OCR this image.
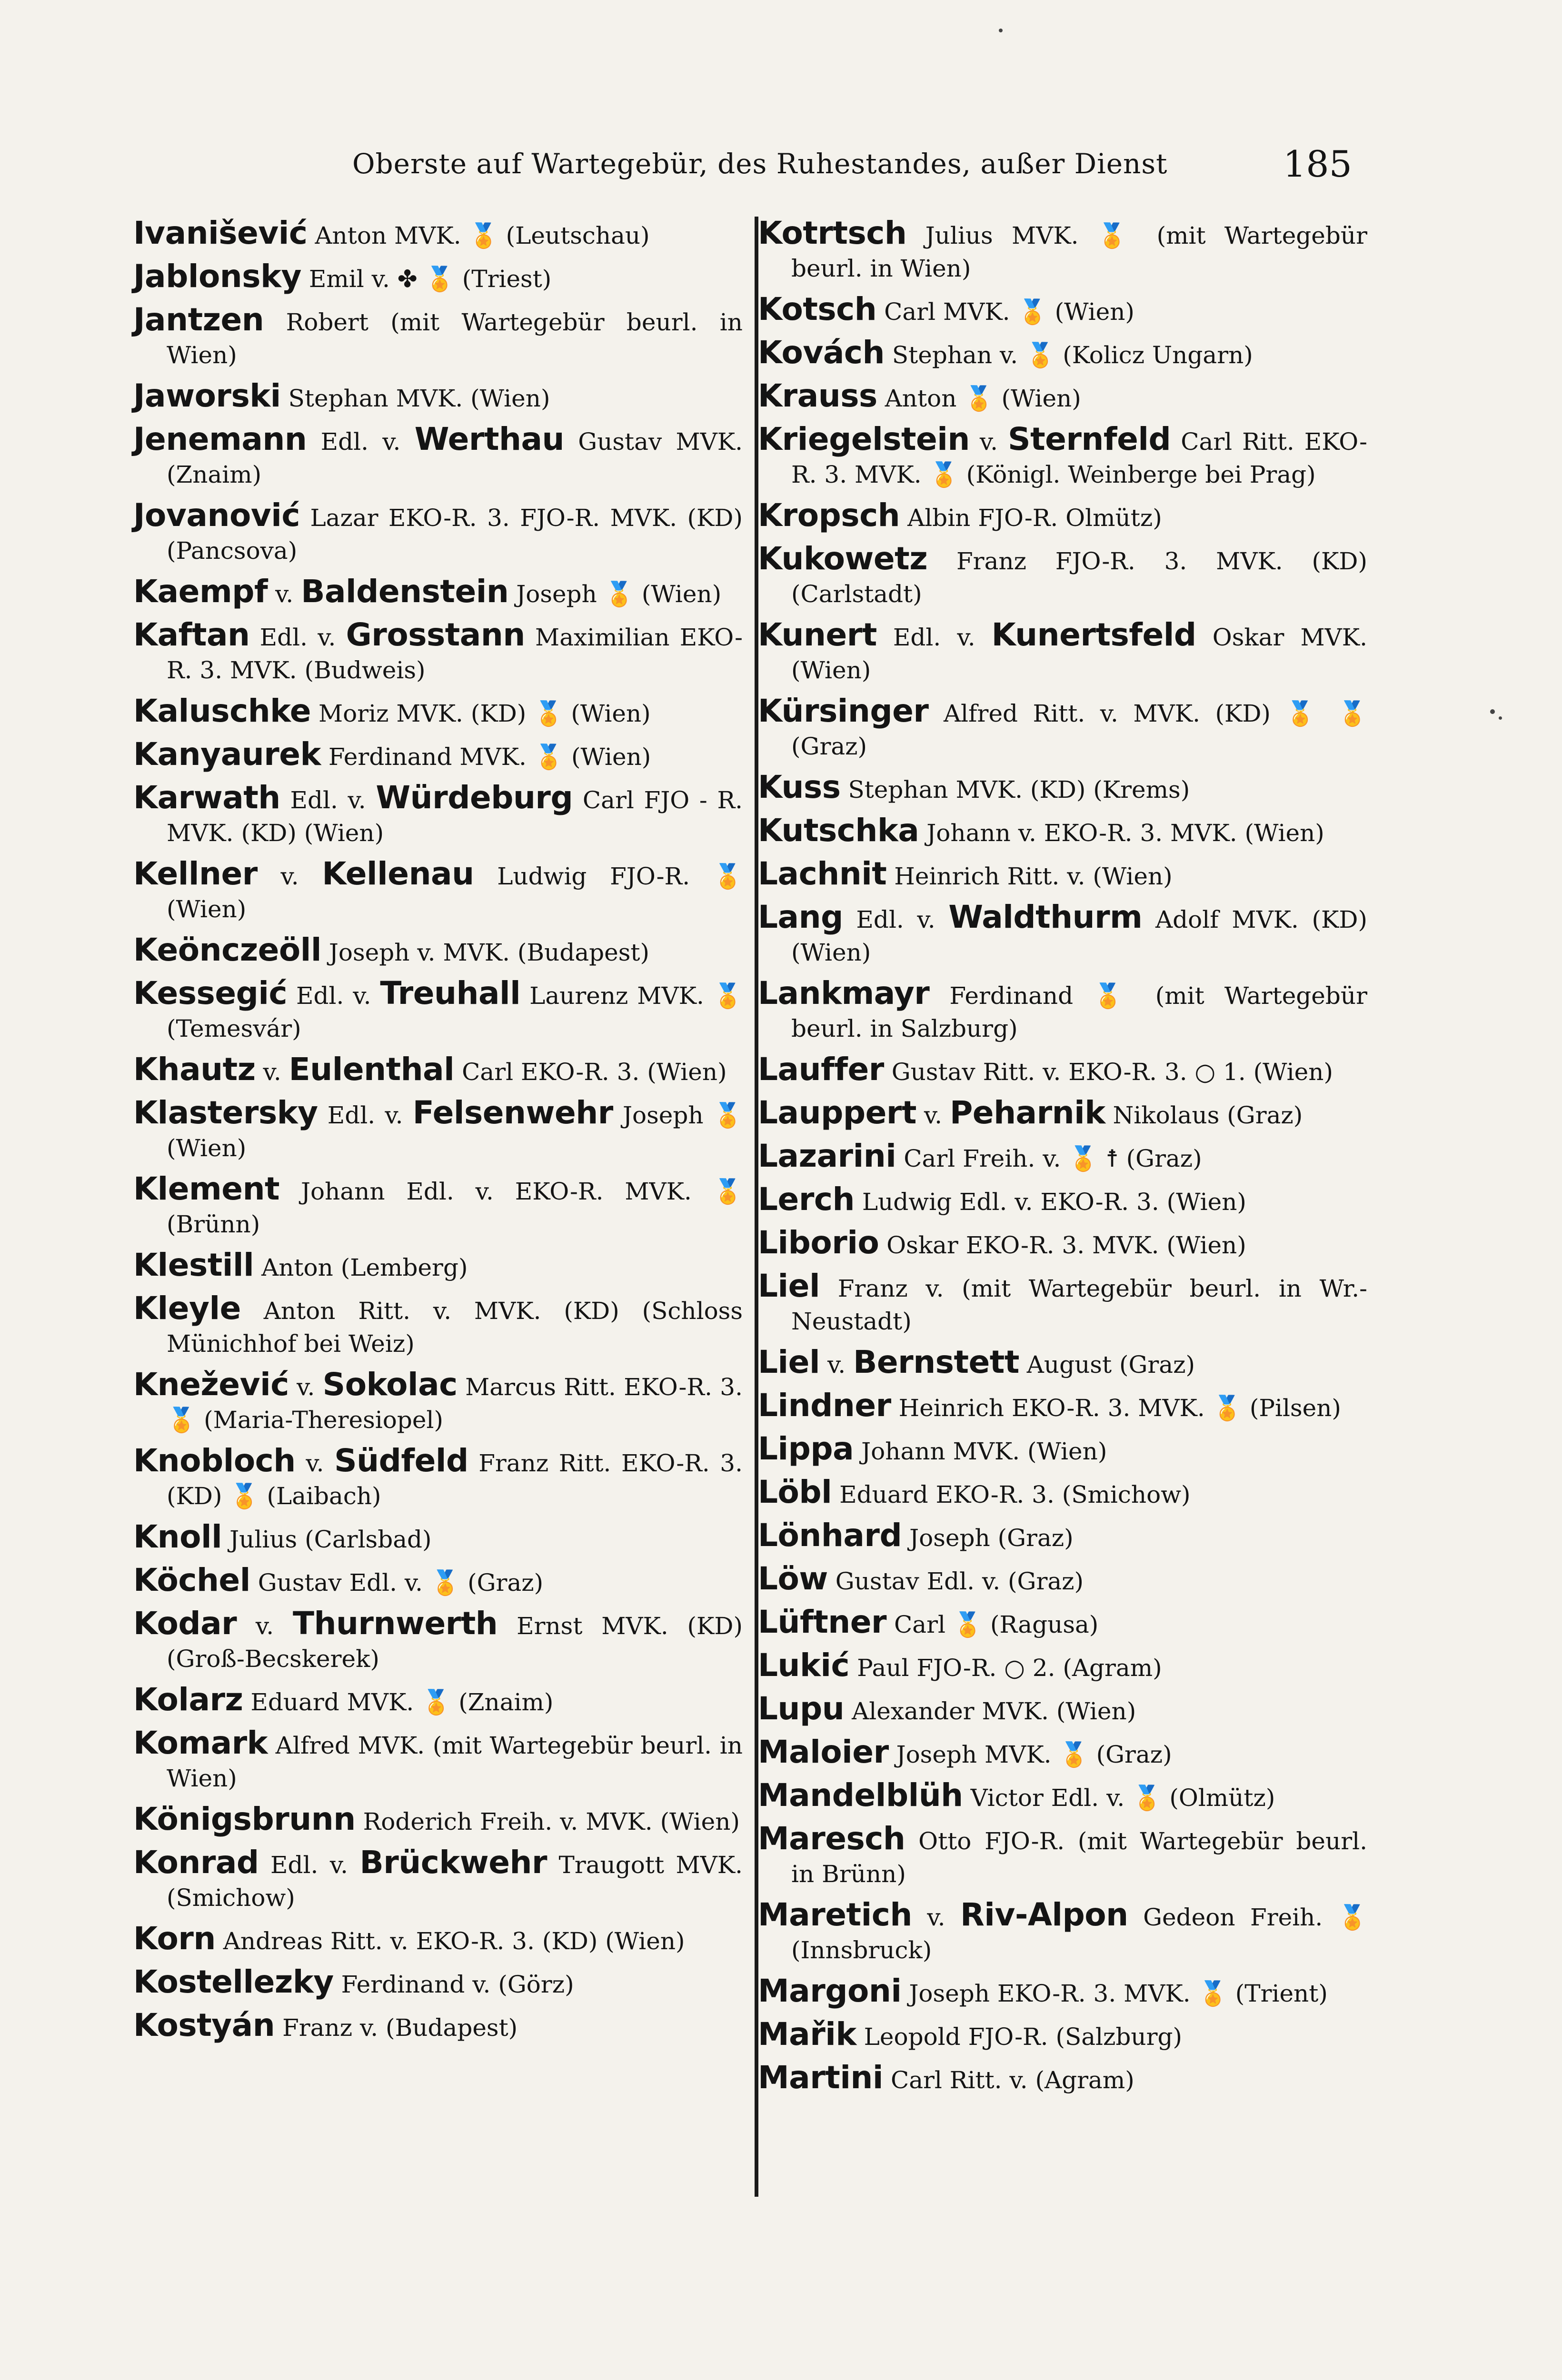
Oberste auf Wartegebür, des Ruhestandes, außer Dienst	185
Ivanišević Anton MVK. 🏅 (Leutschau)
Jablonsky Emil v. ✤ 🏅 (Triest)
Jantzen Robert (mit Wartegebür beurl. in Wien)
Jaworski Stephan MVK. (Wien)
Jenemann Edl. v. Werthau Gustav MVK. (Znaim)
Jovanović Lazar EKO-R. 3. FJO-R. MVK. (KD) (Pancsova)
Kaempf v. Baldenstein Joseph 🏅 (Wien)
Kaftan Edl. v. Grosstann Maximilian EKO-R. 3. MVK. (Budweis)
Kaluschke Moriz MVK. (KD) 🏅 (Wien)
Kanyaurek Ferdinand MVK. 🏅 (Wien)
Karwath Edl. v. Würdeburg Carl FJO - R. MVK. (KD) (Wien)
Kellner v. Kellenau Ludwig FJO-R. 🏅 (Wien)
Keönczeöll Joseph v. MVK. (Budapest)
Kessegić Edl. v. Treuhall Laurenz MVK. 🏅 (Temesvár)
Khautz v. Eulenthal Carl EKO-R. 3. (Wien)
Klastersky Edl. v. Felsenwehr Joseph 🏅 (Wien)
Klement Johann Edl. v. EKO-R. MVK. 🏅 (Brünn)
Klestill Anton (Lemberg)
Kleyle Anton Ritt. v. MVK. (KD) (Schloss Münichhof bei Weiz)
Knežević v. Sokolac Marcus Ritt. EKO-R. 3. 🏅 (Maria-Theresiopel)
Knobloch v. Südfeld Franz Ritt. EKO-R. 3. (KD) 🏅 (Laibach)
Knoll Julius (Carlsbad)
Köchel Gustav Edl. v. 🏅 (Graz)
Kodar v. Thurnwerth Ernst MVK. (KD) (Groß-Becskerek)
Kolarz Eduard MVK. 🏅 (Znaim)
Komark Alfred MVK. (mit Wartegebür beurl. in Wien)
Königsbrunn Roderich Freih. v. MVK. (Wien)
Konrad Edl. v. Brückwehr Traugott MVK. (Smichow)
Korn Andreas Ritt. v. EKO-R. 3. (KD) (Wien)
Kostellezky Ferdinand v. (Görz)
Kostyán Franz v. (Budapest)
Kotrtsch Julius MVK. 🏅 (mit Wartegebür beurl. in Wien)
Kotsch Carl MVK. 🏅 (Wien)
Kovách Stephan v. 🏅 (Kolicz Ungarn)
Krauss Anton 🏅 (Wien)
Kriegelstein v. Sternfeld Carl Ritt. EKO-R. 3. MVK. 🏅 (Königl. Weinberge bei Prag)
Kropsch Albin FJO-R. Olmütz)
Kukowetz Franz FJO-R. 3. MVK. (KD) (Carlstadt)
Kunert Edl. v. Kunertsfeld Oskar MVK. (Wien)
Kürsinger Alfred Ritt. v. MVK. (KD) 🏅 🏅 (Graz)
Kuss Stephan MVK. (KD) (Krems)
Kutschka Johann v. EKO-R. 3. MVK. (Wien)
Lachnit Heinrich Ritt. v. (Wien)
Lang Edl. v. Waldthurm Adolf MVK. (KD) (Wien)
Lankmayr Ferdinand 🏅 (mit Wartegebür beurl. in Salzburg)
Lauffer Gustav Ritt. v. EKO-R. 3. ○ 1. (Wien)
Lauppert v. Peharnik Nikolaus (Graz)
Lazarini Carl Freih. v. 🏅 ☨ (Graz)
Lerch Ludwig Edl. v. EKO-R. 3. (Wien)
Liborio Oskar EKO-R. 3. MVK. (Wien)
Liel Franz v. (mit Wartegebür beurl. in Wr.-Neustadt)
Liel v. Bernstett August (Graz)
Lindner Heinrich EKO-R. 3. MVK. 🏅 (Pilsen)
Lippa Johann MVK. (Wien)
Löbl Eduard EKO-R. 3. (Smichow)
Lönhard Joseph (Graz)
Löw Gustav Edl. v. (Graz)
Lüftner Carl 🏅 (Ragusa)
Lukić Paul FJO-R. ○ 2. (Agram)
Lupu Alexander MVK. (Wien)
Maloier Joseph MVK. 🏅 (Graz)
Mandelblüh Victor Edl. v. 🏅 (Olmütz)
Maresch Otto FJO-R. (mit Wartegebür beurl. in Brünn)
Maretich v. Riv-Alpon Gedeon Freih. 🏅 (Innsbruck)
Margoni Joseph EKO-R. 3. MVK. 🏅 (Trient)
Mařik Leopold FJO-R. (Salzburg)
Martini Carl Ritt. v. (Agram)
